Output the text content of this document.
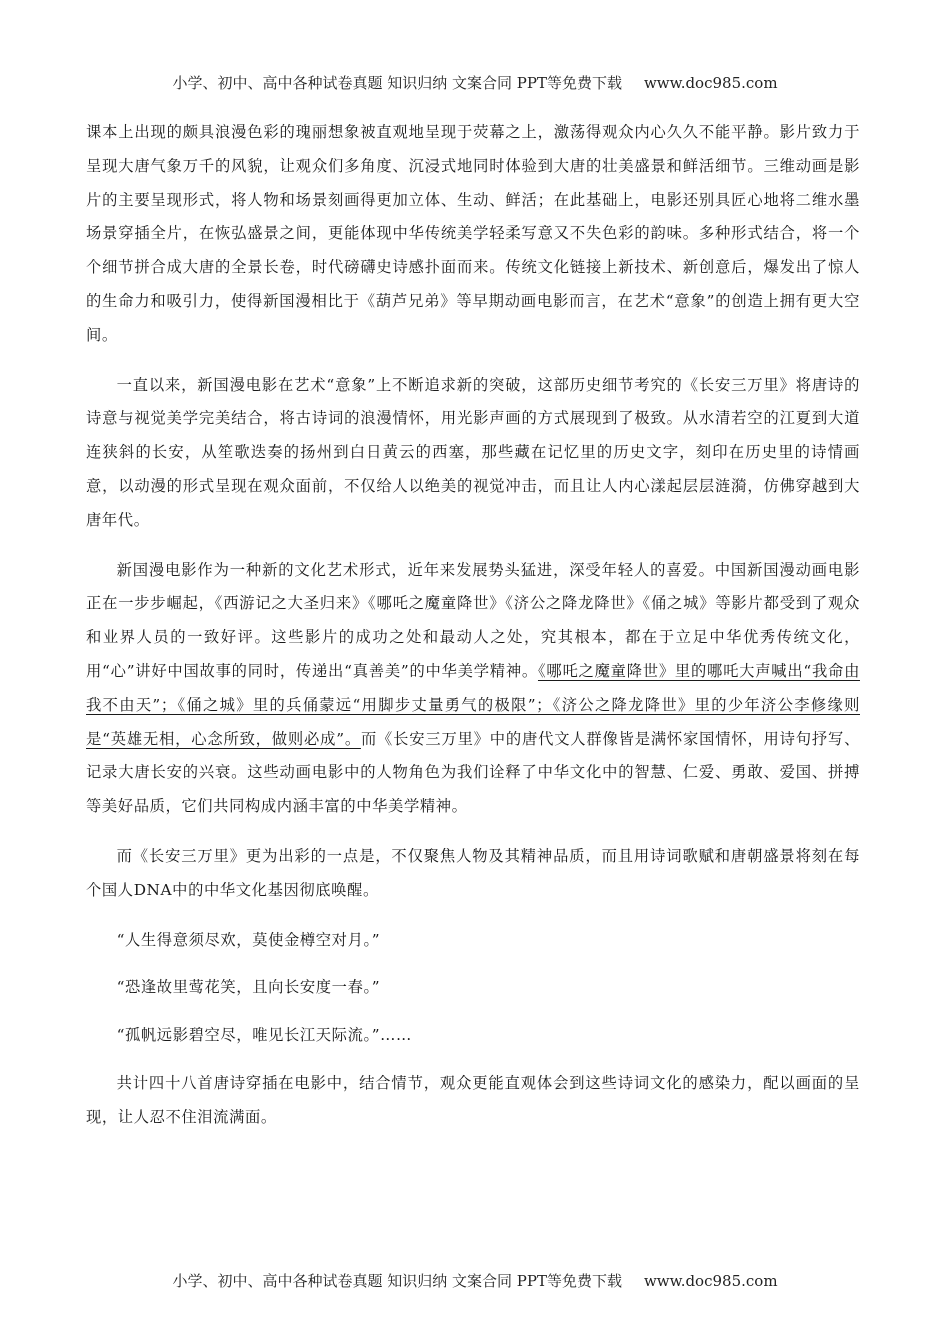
小学、初中、高中各种试卷真题 知识归纳 文案合同 PPT等免费下载 www.doc985.com

课本上出现的颇具浪漫色彩的瑰丽想象被直观地呈现于荧幕之上，激荡得观众内心久久不能平静。影片致力于呈现大唐气象万千的风貌，让观众们多角度、沉浸式地同时体验到大唐的壮美盛景和鲜活细节。三维动画是影片的主要呈现形式，将人物和场景刻画得更加立体、生动、鲜活；在此基础上，电影还别具匠心地将二维水墨场景穿插全片，在恢弘盛景之间，更能体现中华传统美学轻柔写意又不失色彩的韵味。多种形式结合，将一个个细节拼合成大唐的全景长卷，时代磅礴史诗感扑面而来。传统文化链接上新技术、新创意后，爆发出了惊人的生命力和吸引力，使得新国漫相比于《葫芦兄弟》等早期动画电影而言，在艺术“意象”的创造上拥有更大空间。

一直以来，新国漫电影在艺术“意象”上不断追求新的突破，这部历史细节考究的《长安三万里》将唐诗的诗意与视觉美学完美结合，将古诗词的浪漫情怀，用光影声画的方式展现到了极致。从水清若空的江夏到大道连狭斜的长安，从笙歌迭奏的扬州到白日黄云的西塞，那些藏在记忆里的历史文字，刻印在历史里的诗情画意，以动漫的形式呈现在观众面前，不仅给人以绝美的视觉冲击，而且让人内心漾起层层涟漪，仿佛穿越到大唐年代。

新国漫电影作为一种新的文化艺术形式，近年来发展势头猛进，深受年轻人的喜爱。中国新国漫动画电影正在一步步崛起，《西游记之大圣归来》《哪吒之魔童降世》《济公之降龙降世》《俑之城》等影片都受到了观众和业界人员的一致好评。这些影片的成功之处和最动人之处，究其根本，都在于立足中华优秀传统文化，用“心”讲好中国故事的同时，传递出“真善美”的中华美学精神。《哪吒之魔童降世》里的哪吒大声喊出“我命由我不由天”；《俑之城》里的兵俑蒙远“用脚步丈量勇气的极限”；《济公之降龙降世》里的少年济公李修缘则是“英雄无相，心念所致，做则必成”。而《长安三万里》中的唐代文人群像皆是满怀家国情怀，用诗句抒写、记录大唐长安的兴衰。这些动画电影中的人物角色为我们诠释了中华文化中的智慧、仁爱、勇敢、爱国、拼搏等美好品质，它们共同构成内涵丰富的中华美学精神。

而《长安三万里》更为出彩的一点是，不仅聚焦人物及其精神品质，而且用诗词歌赋和唐朝盛景将刻在每个国人DNA中的中华文化基因彻底唤醒。

“人生得意须尽欢，莫使金樽空对月。”

“恐逢故里莺花笑，且向长安度一春。”

“孤帆远影碧空尽，唯见长江天际流。”……

共计四十八首唐诗穿插在电影中，结合情节，观众更能直观体会到这些诗词文化的感染力，配以画面的呈现，让人忍不住泪流满面。

小学、初中、高中各种试卷真题 知识归纳 文案合同 PPT等免费下载 www.doc985.com
